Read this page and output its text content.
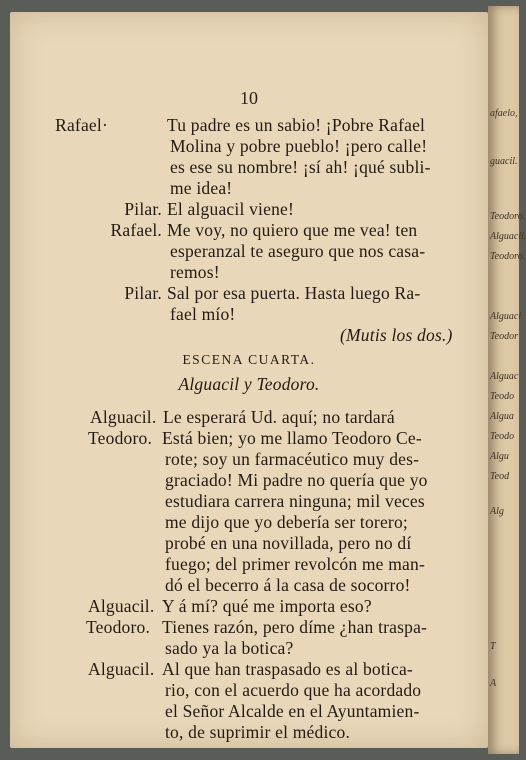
10
Rafael·	Tu padre es un sabio! ¡Pobre Rafael
Molina y pobre pueblo! ¡pero calle!
es ese su nombre! ¡sí ah! ¡qué subli-
me idea!
Pilar. El alguacil viene!
Rafael. Me voy, no quiero que me vea! ten
esperanzal te aseguro que nos casa-
remos!
Pilar. Sal por esa puerta. Hasta luego Ra-
fael mío!
(Mutis los dos.)
ESCENA CUARTA.
Alguacil y Teodoro.
Alguacil. Le esperará Ud. aquí; no tardará
Teodoro. Está bien; yo me llamo Teodoro Ce-
rote; soy un farmacéutico muy des-
graciado! Mi padre no quería que yo
estudiara carrera ninguna; mil veces
me dijo que yo debería ser torero;
probé en una novillada, pero no dí
fuego; del primer revolcón me man-
dó el becerro á la casa de socorro!
Alguacil. Y á mí? qué me importa eso?
Teodoro. Tienes razón, pero díme ¿han traspa-
sado ya la botica?
Alguacil. Al que han traspasado es al botica-
rio, con el acuerdo que ha acordado
el Señor Alcalde en el Ayuntamien-
to, de suprimir el médico.
afaelo,
guacil.
Teodoro.
Alguacil.
Teodoro.
Alguaci
Teodor
Alguac
Teodo
Algua
Teodo
Algu
Teod
Alg
T
A
